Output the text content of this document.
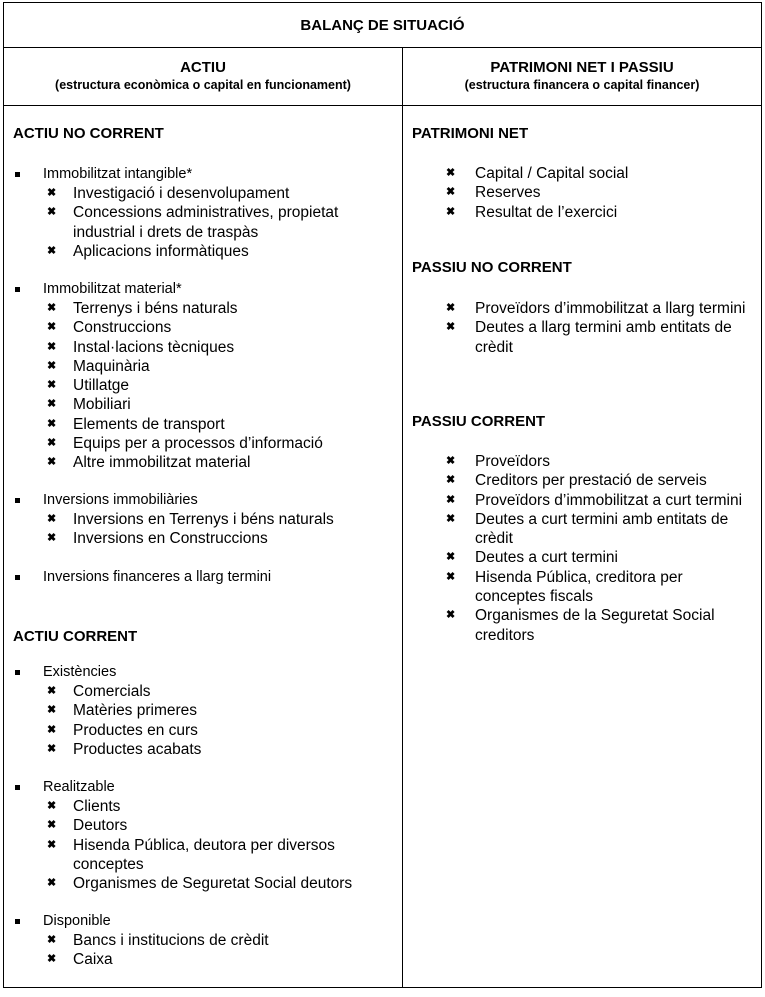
BALANÇ DE SITUACIÓ
ACTIU
(estructura econòmica o capital en funcionament)
PATRIMONI NET I PASSIU
(estructura financera o capital financer)
ACTIU NO CORRENT
Immobilitzat intangible*
✖ Investigació i desenvolupament
✖ Concessions administratives, propietat industrial i drets de traspàs
✖ Aplicacions informàtiques
Immobilitzat material*
✖ Terrenys i béns naturals
✖ Construccions
✖ Instal·lacions tècniques
✖ Maquinària
✖ Utillatge
✖ Mobiliari
✖ Elements de transport
✖ Equips per a processos d’informació
✖ Altre immobilitzat material
Inversions immobiliàries
✖ Inversions en Terrenys i béns naturals
✖ Inversions en Construccions
Inversions financeres a llarg termini
ACTIU CORRENT
Existències
✖ Comercials
✖ Matèries primeres
✖ Productes en curs
✖ Productes acabats
Realitzable
✖ Clients
✖ Deutors
✖ Hisenda Pública, deutora per diversos conceptes
✖ Organismes de Seguretat Social deutors
Disponible
✖ Bancs i institucions de crèdit
✖ Caixa
PATRIMONI NET
✖ Capital / Capital social
✖ Reserves
✖ Resultat de l’exercici
PASSIU NO CORRENT
✖ Proveïdors d’immobilitzat a llarg termini
✖ Deutes a llarg termini amb entitats de crèdit
PASSIU CORRENT
✖ Proveïdors
✖ Creditors per prestació de serveis
✖ Proveïdors d’immobilitzat a curt termini
✖ Deutes a curt termini amb entitats de crèdit
✖ Deutes a curt termini
✖ Hisenda Pública, creditora per conceptes fiscals
✖ Organismes de la Seguretat Social creditors
